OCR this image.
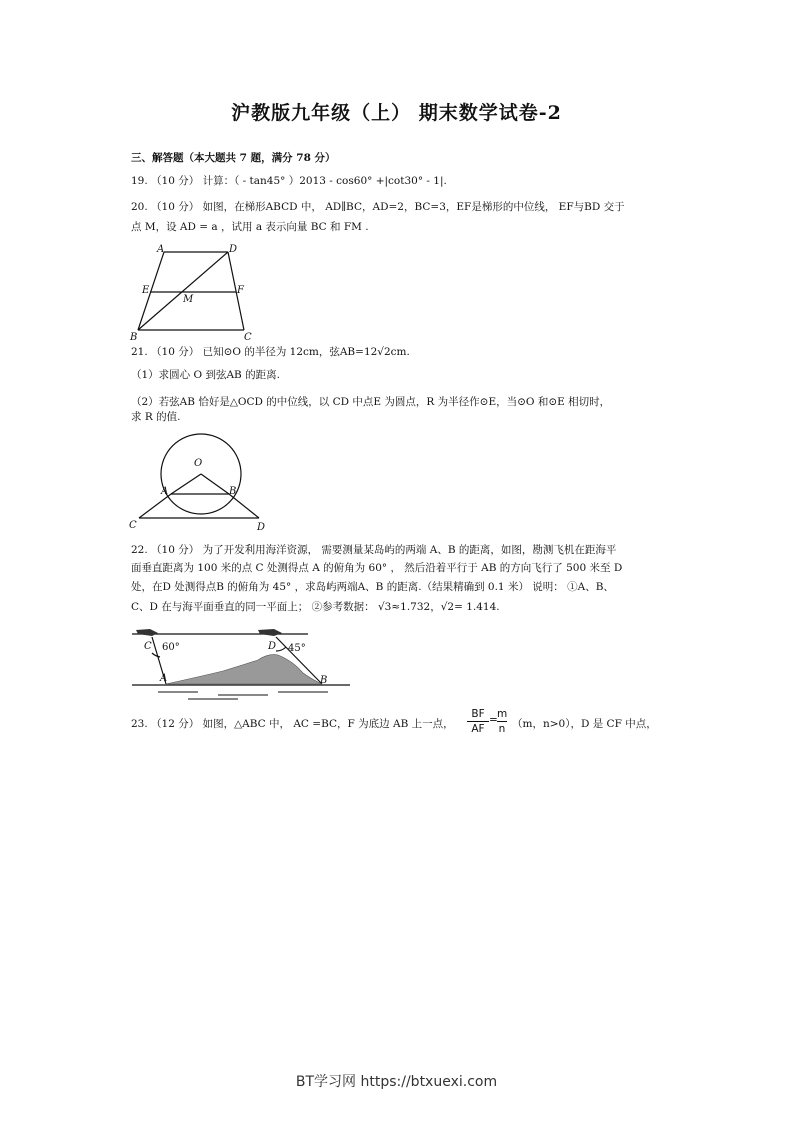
沪教版九年级（上） 期末数学试卷-2
三、解答题（本大题共 7 题，满分 78 分）
19. （10 分） 计算：（ - tan45° ）2013 - cos60° +|cot30° - 1|.
20. （10 分） 如图，在梯形ABCD 中， AD∥BC，AD=2，BC=3，EF是梯形的中位线， EF与BD 交于
点 M，设 AD = a ，试用 a 表示向量 BC 和 FM .
A	D
E	F
M
B	C
21. （10 分） 已知⊙O 的半径为 12cm，弦AB=12√2cm.
（1）求圆心 O 到弦AB 的距离.
（2）若弦AB 恰好是△OCD 的中位线，以 CD 中点E 为圆点，R 为半径作⊙E，当⊙O 和⊙E 相切时，
求 R 的值.
O
A	B
C	D
22. （10 分） 为了开发利用海洋资源， 需要测量某岛屿的两端 A、B 的距离，如图，勘测飞机在距海平
面垂直距离为 100 米的点 C 处测得点 A 的俯角为 60° ， 然后沿着平行于 AB 的方向飞行了 500 米至 D
处，在D 处测得点B 的俯角为 45° ，求岛屿两端A、B 的距离.（结果精确到 0.1 米） 说明： ①A、B、
C、D 在与海平面垂直的同一平面上； ②参考数据： √3≈1.732，√2= 1.414.
C 60°	D 45°
A	B
23. （12 分） 如图，△ABC 中， AC =BC，F 为底边 AB 上一点，
BF
AF
= m
n （m，n>0），D 是 CF 中点，
BT学习网 https://btxuexi.com
